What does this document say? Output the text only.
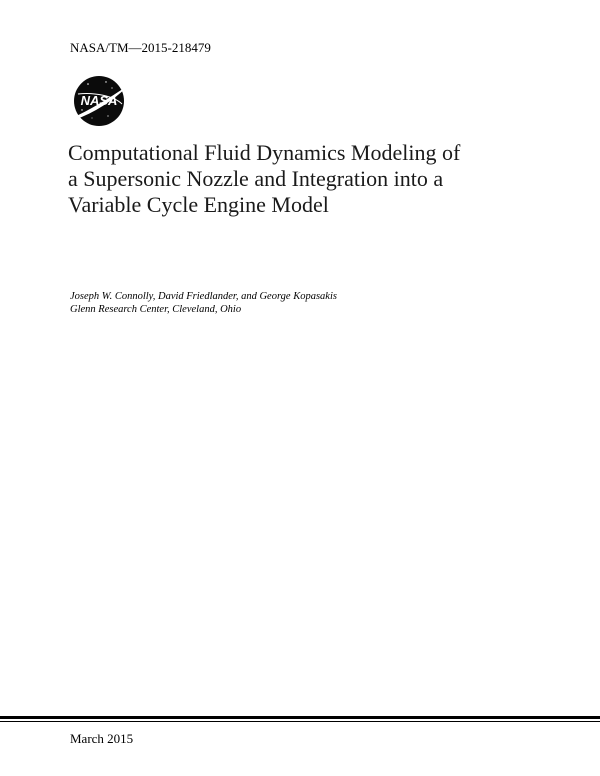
NASA/TM—2015-218479
NASA
Computational Fluid Dynamics Modeling of
a Supersonic Nozzle and Integration into a
Variable Cycle Engine Model
Joseph W. Connolly, David Friedlander, and George Kopasakis
Glenn Research Center, Cleveland, Ohio
March 2015
